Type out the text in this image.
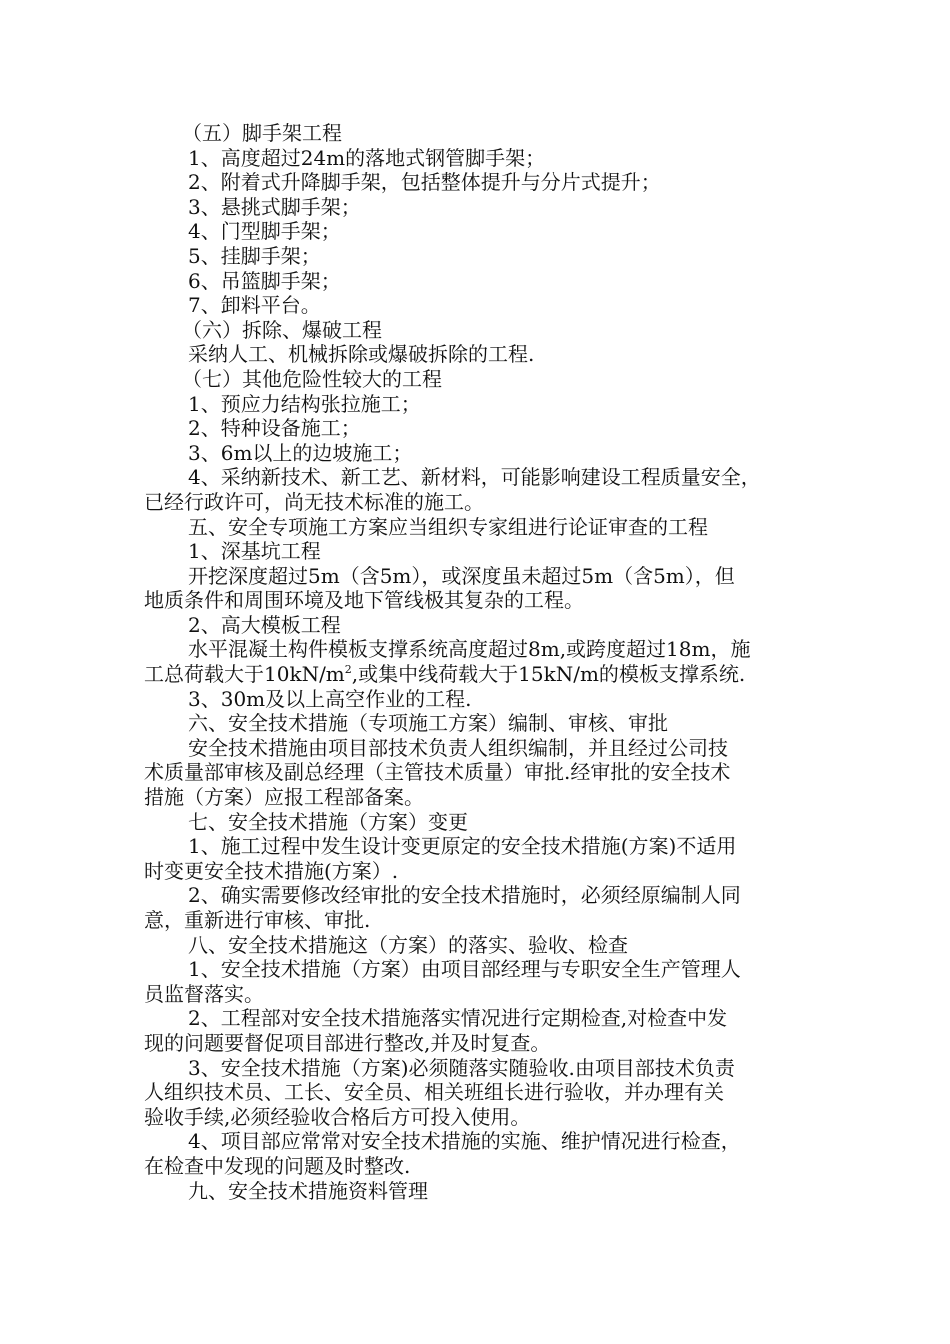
（五）脚手架工程
1、高度超过24m的落地式钢管脚手架；
2、附着式升降脚手架，包括整体提升与分片式提升；
3、悬挑式脚手架；
4、门型脚手架；
5、挂脚手架；
6、吊篮脚手架；
7、卸料平台。
（六）拆除、爆破工程
采纳人工、机械拆除或爆破拆除的工程.
（七）其他危险性较大的工程
1、预应力结构张拉施工；
2、特种设备施工；
3、6m以上的边坡施工；
4、采纳新技术、新工艺、新材料，可能影响建设工程质量安全，
已经行政许可，尚无技术标准的施工。
五、安全专项施工方案应当组织专家组进行论证审查的工程
1、深基坑工程
开挖深度超过5m（含5m），或深度虽未超过5m（含5m），但
地质条件和周围环境及地下管线极其复杂的工程。
2、高大模板工程
水平混凝土构件模板支撑系统高度超过8m,或跨度超过18m，施
工总荷载大于$10kN/m^2$,或集中线荷载大于15kN/m的模板支撑系统.
3、30m及以上高空作业的工程.
六、安全技术措施（专项施工方案）编制、审核、审批
安全技术措施由项目部技术负责人组织编制，并且经过公司技
术质量部审核及副总经理（主管技术质量）审批.经审批的安全技术
措施（方案）应报工程部备案。
七、安全技术措施（方案）变更
1、施工过程中发生设计变更原定的安全技术措施(方案)不适用
时变更安全技术措施(方案）.
2、确实需要修改经审批的安全技术措施时，必须经原编制人同
意，重新进行审核、审批.
八、安全技术措施这（方案）的落实、验收、检查
1、安全技术措施（方案）由项目部经理与专职安全生产管理人
员监督落实。
2、工程部对安全技术措施落实情况进行定期检查,对检查中发
现的问题要督促项目部进行整改,并及时复查。
3、安全技术措施（方案)必须随落实随验收.由项目部技术负责
人组织技术员、工长、安全员、相关班组长进行验收，并办理有关
验收手续,必须经验收合格后方可投入使用。
4、项目部应常常对安全技术措施的实施、维护情况进行检查，
在检查中发现的问题及时整改.
九、安全技术措施资料管理
